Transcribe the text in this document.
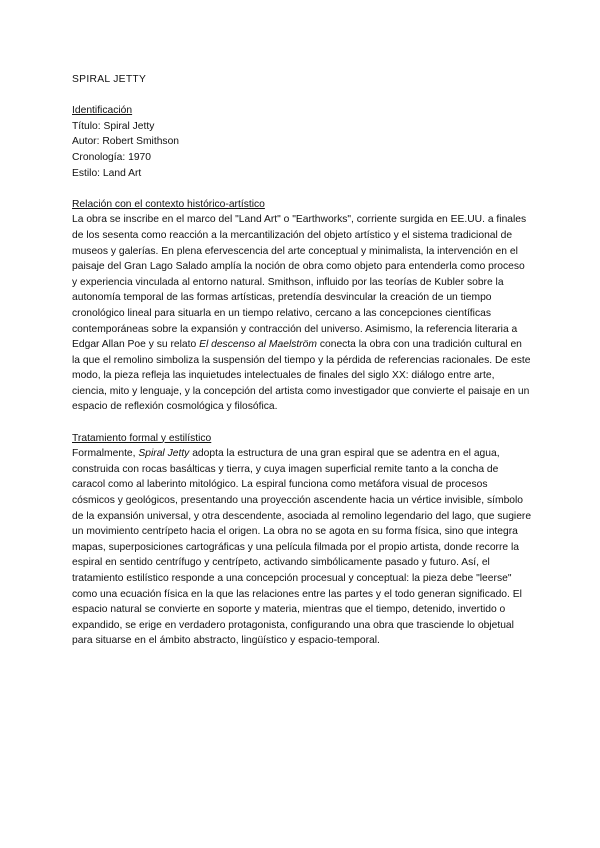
SPIRAL JETTY
Identificación
Título: Spiral Jetty
Autor: Robert Smithson
Cronología: 1970
Estilo: Land Art
Relación con el contexto histórico-artístico

La obra se inscribe en el marco del "Land Art" o "Earthworks", corriente surgida en EE.UU. a finales de los sesenta como reacción a la mercantilización del objeto artístico y el sistema tradicional de museos y galerías. En plena efervescencia del arte conceptual y minimalista, la intervención en el paisaje del Gran Lago Salado amplía la noción de obra como objeto para entenderla como proceso y experiencia vinculada al entorno natural. Smithson, influido por las teorías de Kubler sobre la autonomía temporal de las formas artísticas, pretendía desvincular la creación de un tiempo cronológico lineal para situarla en un tiempo relativo, cercano a las concepciones científicas contemporáneas sobre la expansión y contracción del universo. Asimismo, la referencia literaria a Edgar Allan Poe y su relato El descenso al Maelström conecta la obra con una tradición cultural en la que el remolino simboliza la suspensión del tiempo y la pérdida de referencias racionales. De este modo, la pieza refleja las inquietudes intelectuales de finales del siglo XX: diálogo entre arte, ciencia, mito y lenguaje, y la concepción del artista como investigador que convierte el paisaje en un espacio de reflexión cosmológica y filosófica.

Tratamiento formal y estilístico

Formalmente, Spiral Jetty adopta la estructura de una gran espiral que se adentra en el agua, construida con rocas basálticas y tierra, y cuya imagen superficial remite tanto a la concha de caracol como al laberinto mitológico. La espiral funciona como metáfora visual de procesos cósmicos y geológicos, presentando una proyección ascendente hacia un vértice invisible, símbolo de la expansión universal, y otra descendente, asociada al remolino legendario del lago, que sugiere un movimiento centrípeto hacia el origen. La obra no se agota en su forma física, sino que integra mapas, superposiciones cartográficas y una película filmada por el propio artista, donde recorre la espiral en sentido centrífugo y centrípeto, activando simbólicamente pasado y futuro. Así, el tratamiento estilístico responde a una concepción procesual y conceptual: la pieza debe "leerse" como una ecuación física en la que las relaciones entre las partes y el todo generan significado. El espacio natural se convierte en soporte y materia, mientras que el tiempo, detenido, invertido o expandido, se erige en verdadero protagonista, configurando una obra que trasciende lo objetual para situarse en el ámbito abstracto, lingüístico y espacio-temporal.
